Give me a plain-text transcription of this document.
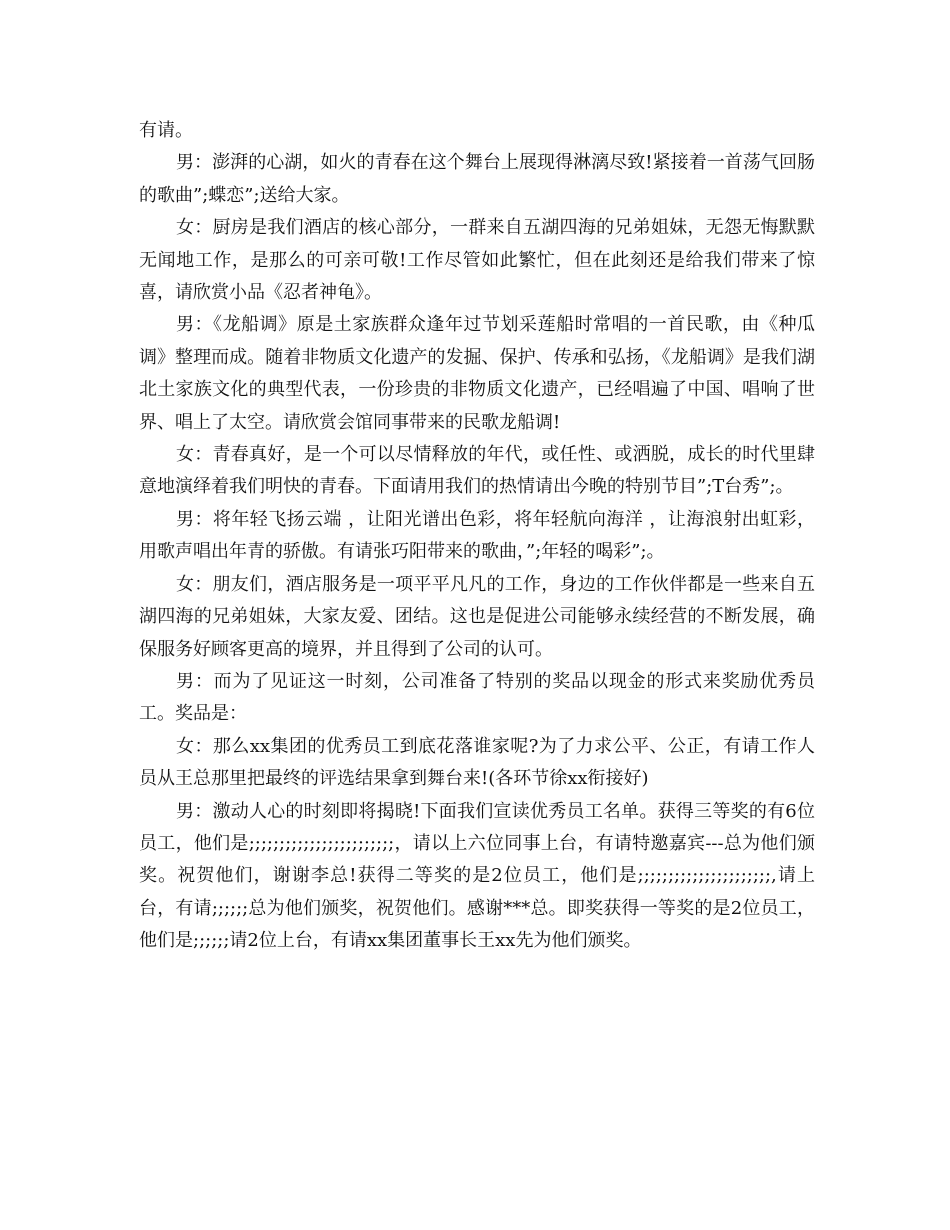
有请。

男：澎湃的心湖，如火的青春在这个舞台上展现得淋漓尽致!紧接着一首荡气回肠的歌曲”;蝶恋”;送给大家。

女：厨房是我们酒店的核心部分，一群来自五湖四海的兄弟姐妹，无怨无悔默默无闻地工作，是那么的可亲可敬!工作尽管如此繁忙，但在此刻还是给我们带来了惊喜，请欣赏小品《忍者神龟》。

男：《龙船调》原是土家族群众逢年过节划采莲船时常唱的一首民歌，由《种瓜调》整理而成。随着非物质文化遗产的发掘、保护、传承和弘扬，《龙船调》是我们湖北土家族文化的典型代表，一份珍贵的非物质文化遗产，已经唱遍了中国、唱响了世界、唱上了太空。请欣赏会馆同事带来的民歌龙船调!

女：青春真好，是一个可以尽情释放的年代，或任性、或洒脱，成长的时代里肆意地演绎着我们明快的青春。下面请用我们的热情请出今晚的特别节目”;T台秀”;。

男：将年轻飞扬云端 ，让阳光谱出色彩，将年轻航向海洋 ，让海浪射出虹彩，用歌声唱出年青的骄傲。有请张巧阳带来的歌曲，”;年轻的喝彩”;。

女：朋友们，酒店服务是一项平平凡凡的工作，身边的工作伙伴都是一些来自五湖四海的兄弟姐妹，大家友爱、团结。这也是促进公司能够永续经营的不断发展，确保服务好顾客更高的境界，并且得到了公司的认可。

男：而为了见证这一时刻，公司准备了特别的奖品以现金的形式来奖励优秀员工。奖品是：

女：那么xx集团的优秀员工到底花落谁家呢?为了力求公平、公正，有请工作人员从王总那里把最终的评选结果拿到舞台来!(各环节徐xx衔接好)

男：激动人心的时刻即将揭晓!下面我们宣读优秀员工名单。获得三等奖的有6位员工，他们是;;;;;;;;;;;;;;;;;;;;;;;;，请以上六位同事上台，有请特邀嘉宾---总为他们颁奖。祝贺他们，谢谢李总!获得二等奖的是2位员工，他们是;;;;;;;;;;;;;;;;;;;;;;,请上台，有请;;;;;;总为他们颁奖，祝贺他们。感谢***总。即奖获得一等奖的是2位员工，他们是;;;;;;请2位上台，有请xx集团董事长王xx先为他们颁奖。
